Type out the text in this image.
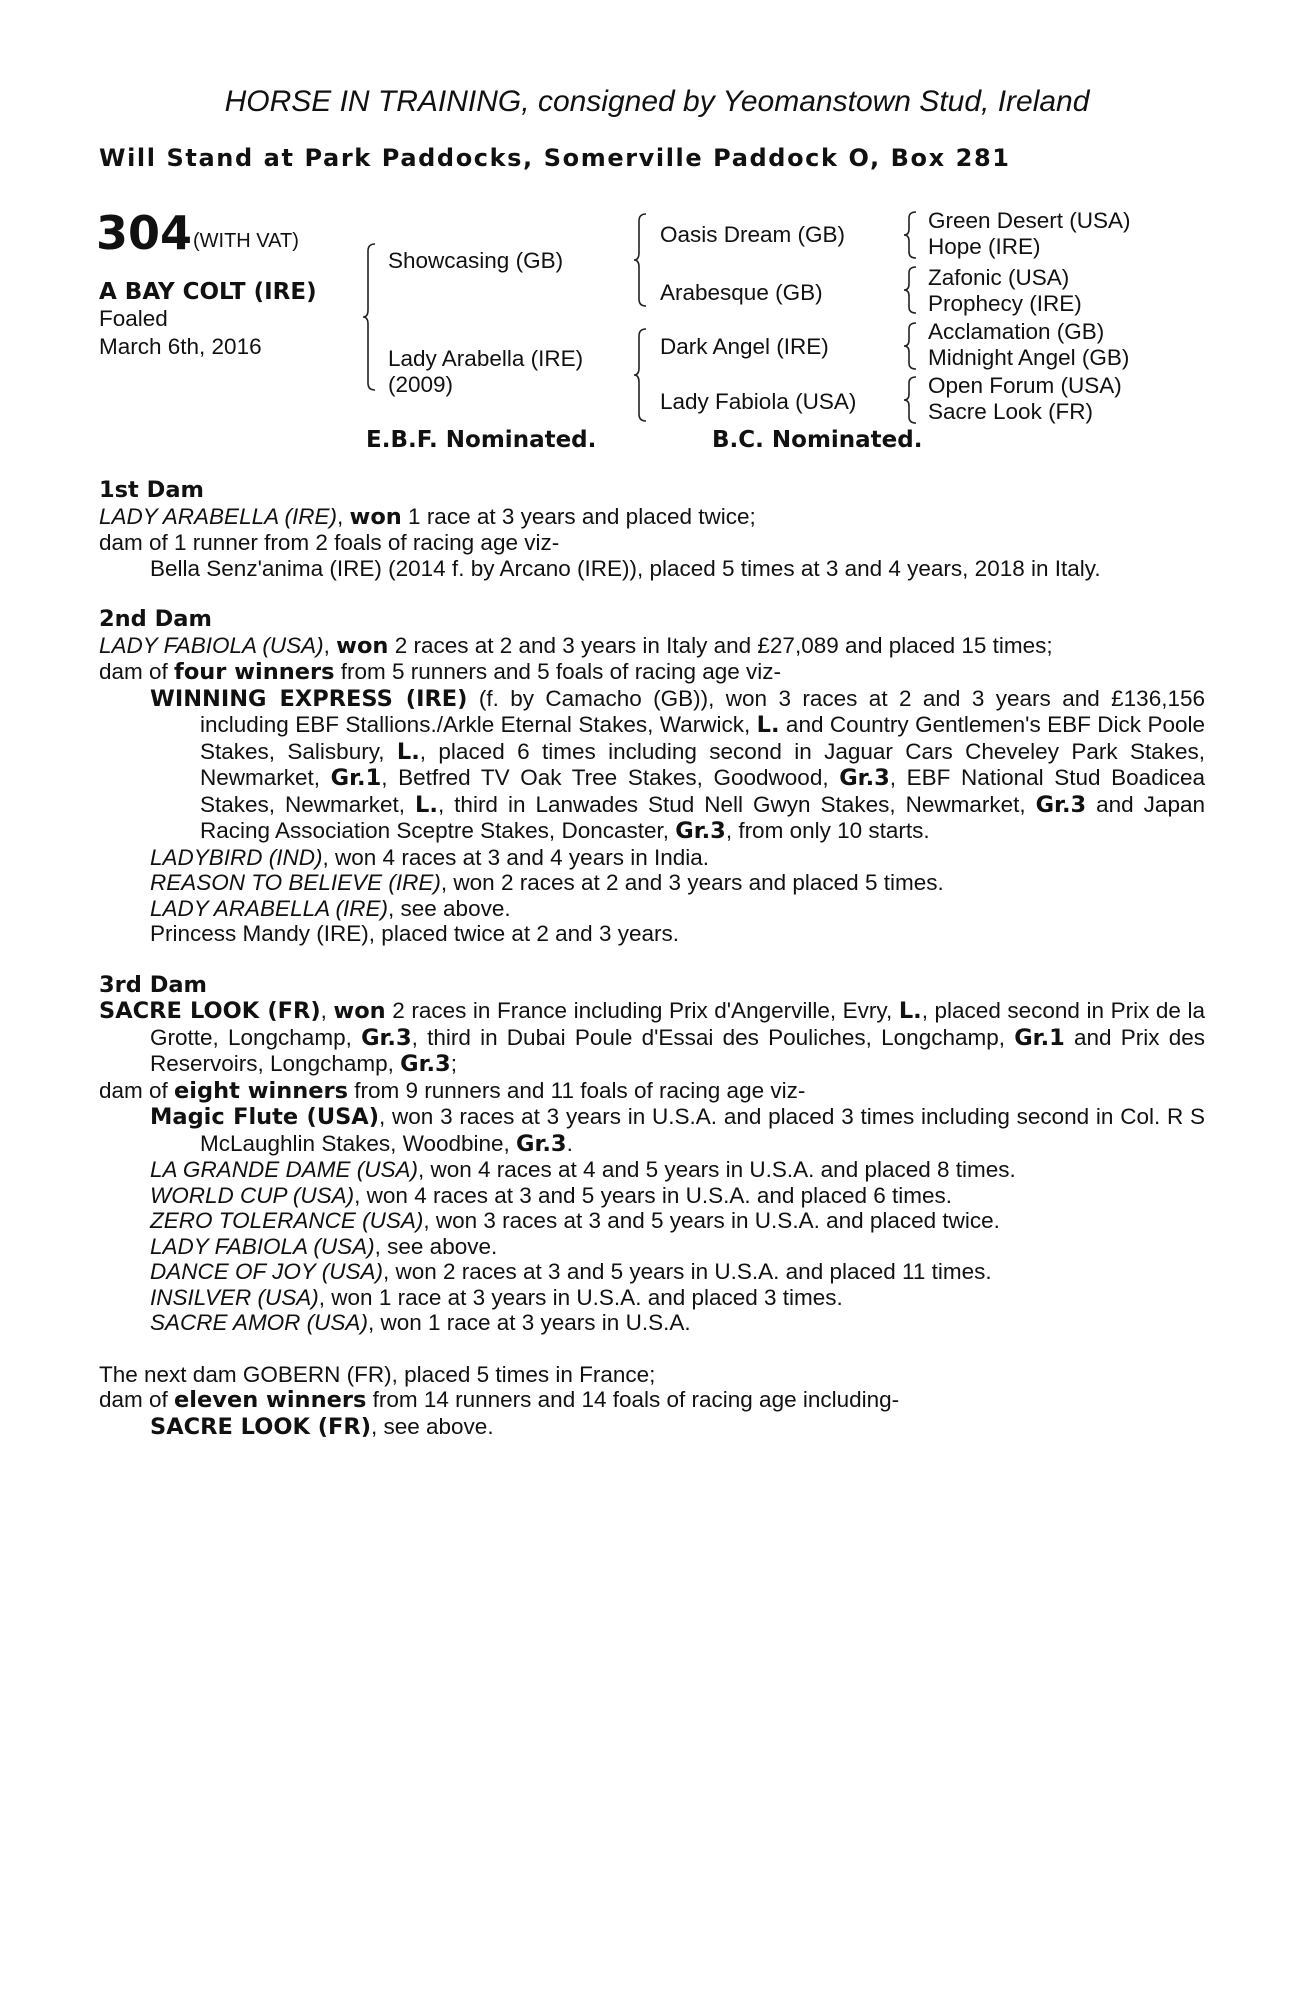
HORSE IN TRAINING, consigned by Yeomanstown Stud, Ireland
Will Stand at Park Paddocks, Somerville Paddock O, Box 281
304 (WITH VAT)
A BAY COLT (IRE)
Foaled
March 6th, 2016
Showcasing (GB)
Lady Arabella (IRE)
(2009)
Oasis Dream (GB)
Arabesque (GB)
Dark Angel (IRE)
Lady Fabiola (USA)
Green Desert (USA)
Hope (IRE)
Zafonic (USA)
Prophecy (IRE)
Acclamation (GB)
Midnight Angel (GB)
Open Forum (USA)
Sacre Look (FR)
E.B.F. Nominated.	B.C. Nominated.
1st Dam

LADY ARABELLA (IRE), won 1 race at 3 years and placed twice;

dam of 1 runner from 2 foals of racing age viz-

Bella Senz'anima (IRE) (2014 f. by Arcano (IRE)), placed 5 times at 3 and 4 years, 2018 in Italy.

2nd Dam

LADY FABIOLA (USA), won 2 races at 2 and 3 years in Italy and £27,089 and placed 15 times;

dam of four winners from 5 runners and 5 foals of racing age viz-

WINNING EXPRESS (IRE) (f. by Camacho (GB)), won 3 races at 2 and 3 years and £136,156 including EBF Stallions./Arkle Eternal Stakes, Warwick, L. and Country Gentlemen's EBF Dick Poole Stakes, Salisbury, L., placed 6 times including second in Jaguar Cars Cheveley Park Stakes, Newmarket, Gr.1, Betfred TV Oak Tree Stakes, Goodwood, Gr.3, EBF National Stud Boadicea Stakes, Newmarket, L., third in Lanwades Stud Nell Gwyn Stakes, Newmarket, Gr.3 and Japan Racing Association Sceptre Stakes, Doncaster, Gr.3, from only 10 starts.

LADYBIRD (IND), won 4 races at 3 and 4 years in India.

REASON TO BELIEVE (IRE), won 2 races at 2 and 3 years and placed 5 times.

LADY ARABELLA (IRE), see above.

Princess Mandy (IRE), placed twice at 2 and 3 years.

3rd Dam

SACRE LOOK (FR), won 2 races in France including Prix d'Angerville, Evry, L., placed second in Prix de la Grotte, Longchamp, Gr.3, third in Dubai Poule d'Essai des Pouliches, Longchamp, Gr.1 and Prix des Reservoirs, Longchamp, Gr.3;

dam of eight winners from 9 runners and 11 foals of racing age viz-

Magic Flute (USA), won 3 races at 3 years in U.S.A. and placed 3 times including second in Col. R S McLaughlin Stakes, Woodbine, Gr.3.

LA GRANDE DAME (USA), won 4 races at 4 and 5 years in U.S.A. and placed 8 times.

WORLD CUP (USA), won 4 races at 3 and 5 years in U.S.A. and placed 6 times.

ZERO TOLERANCE (USA), won 3 races at 3 and 5 years in U.S.A. and placed twice.

LADY FABIOLA (USA), see above.

DANCE OF JOY (USA), won 2 races at 3 and 5 years in U.S.A. and placed 11 times.

INSILVER (USA), won 1 race at 3 years in U.S.A. and placed 3 times.

SACRE AMOR (USA), won 1 race at 3 years in U.S.A.

The next dam GOBERN (FR), placed 5 times in France;

dam of eleven winners from 14 runners and 14 foals of racing age including-

SACRE LOOK (FR), see above.
